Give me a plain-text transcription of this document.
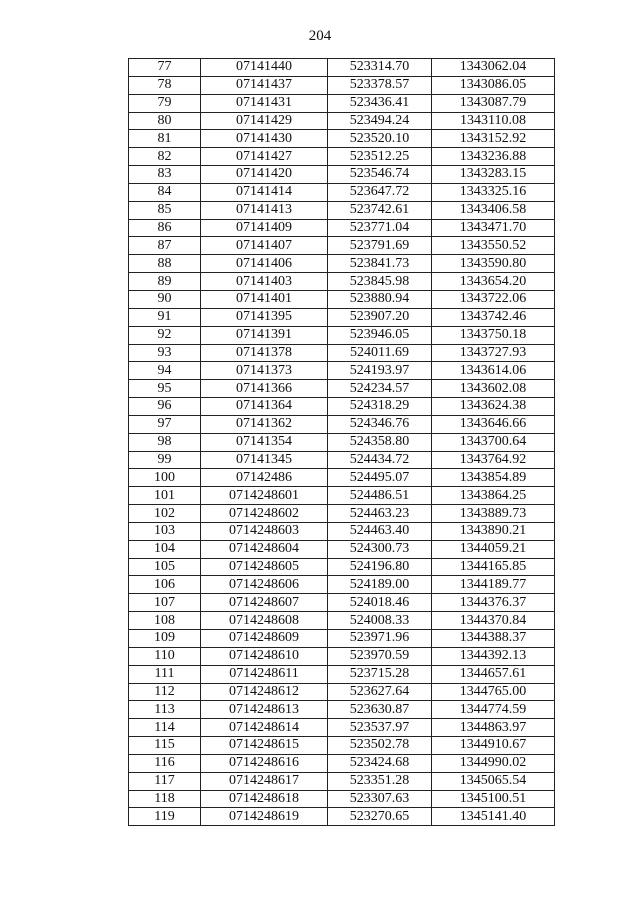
204
77	07141440	523314.70	1343062.04
78	07141437	523378.57	1343086.05
79	07141431	523436.41	1343087.79
80	07141429	523494.24	1343110.08
81	07141430	523520.10	1343152.92
82	07141427	523512.25	1343236.88
83	07141420	523546.74	1343283.15
84	07141414	523647.72	1343325.16
85	07141413	523742.61	1343406.58
86	07141409	523771.04	1343471.70
87	07141407	523791.69	1343550.52
88	07141406	523841.73	1343590.80
89	07141403	523845.98	1343654.20
90	07141401	523880.94	1343722.06
91	07141395	523907.20	1343742.46
92	07141391	523946.05	1343750.18
93	07141378	524011.69	1343727.93
94	07141373	524193.97	1343614.06
95	07141366	524234.57	1343602.08
96	07141364	524318.29	1343624.38
97	07141362	524346.76	1343646.66
98	07141354	524358.80	1343700.64
99	07141345	524434.72	1343764.92
100	07142486	524495.07	1343854.89
101	0714248601	524486.51	1343864.25
102	0714248602	524463.23	1343889.73
103	0714248603	524463.40	1343890.21
104	0714248604	524300.73	1344059.21
105	0714248605	524196.80	1344165.85
106	0714248606	524189.00	1344189.77
107	0714248607	524018.46	1344376.37
108	0714248608	524008.33	1344370.84
109	0714248609	523971.96	1344388.37
110	0714248610	523970.59	1344392.13
111	0714248611	523715.28	1344657.61
112	0714248612	523627.64	1344765.00
113	0714248613	523630.87	1344774.59
114	0714248614	523537.97	1344863.97
115	0714248615	523502.78	1344910.67
116	0714248616	523424.68	1344990.02
117	0714248617	523351.28	1345065.54
118	0714248618	523307.63	1345100.51
119	0714248619	523270.65	1345141.40
